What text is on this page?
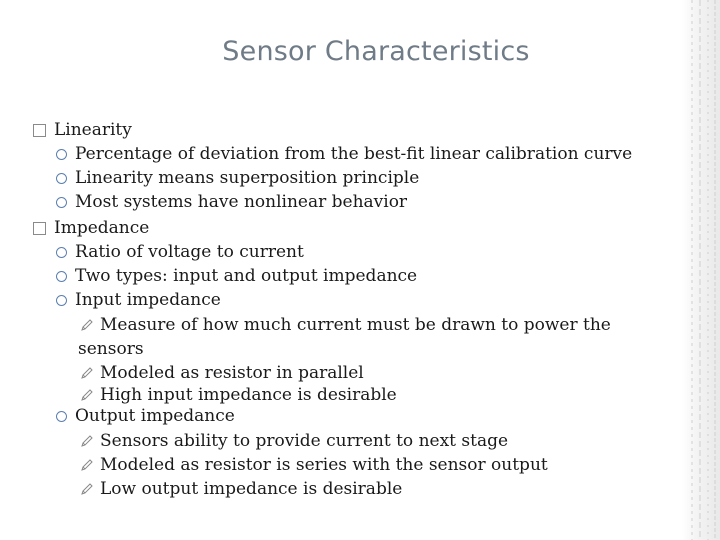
Sensor Characteristics
Linearity
Percentage of deviation from the best-fit linear calibration curve
Linearity means superposition principle
Most systems have nonlinear behavior
Impedance
Ratio of voltage to current
Two types: input and output impedance
Input impedance
Measure of how much current must be drawn to power the
sensors
Modeled as resistor in parallel
High input impedance is desirable
Output impedance
Sensors ability to provide current to next stage
Modeled as resistor is series with the sensor output
Low output impedance is desirable
